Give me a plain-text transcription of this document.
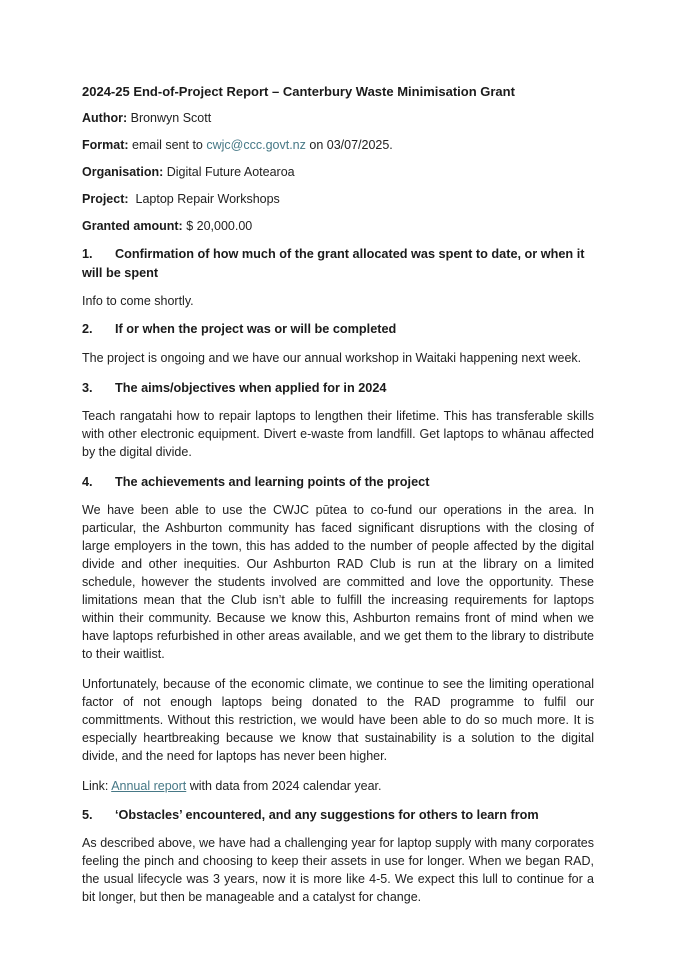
2024-25 End-of-Project Report – Canterbury Waste Minimisation Grant

Author: Bronwyn Scott

Format: email sent to cwjc@ccc.govt.nz on 03/07/2025.

Organisation: Digital Future Aotearoa

Project:  Laptop Repair Workshops

Granted amount: $ 20,000.00

1. Confirmation of how much of the grant allocated was spent to date, or when it will be spent

Info to come shortly.

2. If or when the project was or will be completed

The project is ongoing and we have our annual workshop in Waitaki happening next week.

3. The aims/objectives when applied for in 2024

Teach rangatahi how to repair laptops to lengthen their lifetime. This has transferable skills with other electronic equipment. Divert e-waste from landfill. Get laptops to whānau affected by the digital divide.

4. The achievements and learning points of the project

We have been able to use the CWJC pūtea to co-fund our operations in the area. In particular, the Ashburton community has faced significant disruptions with the closing of large employers in the town, this has added to the number of people affected by the digital divide and other inequities. Our Ashburton RAD Club is run at the library on a limited schedule, however the students involved are committed and love the opportunity. These limitations mean that the Club isn’t able to fulfill the increasing requirements for laptops within their community. Because we know this, Ashburton remains front of mind when we have laptops refurbished in other areas available, and we get them to the library to distribute to their waitlist.

Unfortunately, because of the economic climate, we continue to see the limiting operational factor of not enough laptops being donated to the RAD programme to fulfil our committments. Without this restriction, we would have been able to do so much more. It is especially heartbreaking because we know that sustainability is a solution to the digital divide, and the need for laptops has never been higher.

Link: Annual report with data from 2024 calendar year.

5. ‘Obstacles’ encountered, and any suggestions for others to learn from

As described above, we have had a challenging year for laptop supply with many corporates feeling the pinch and choosing to keep their assets in use for longer. When we began RAD, the usual lifecycle was 3 years, now it is more like 4-5. We expect this lull to continue for a bit longer, but then be manageable and a catalyst for change.
